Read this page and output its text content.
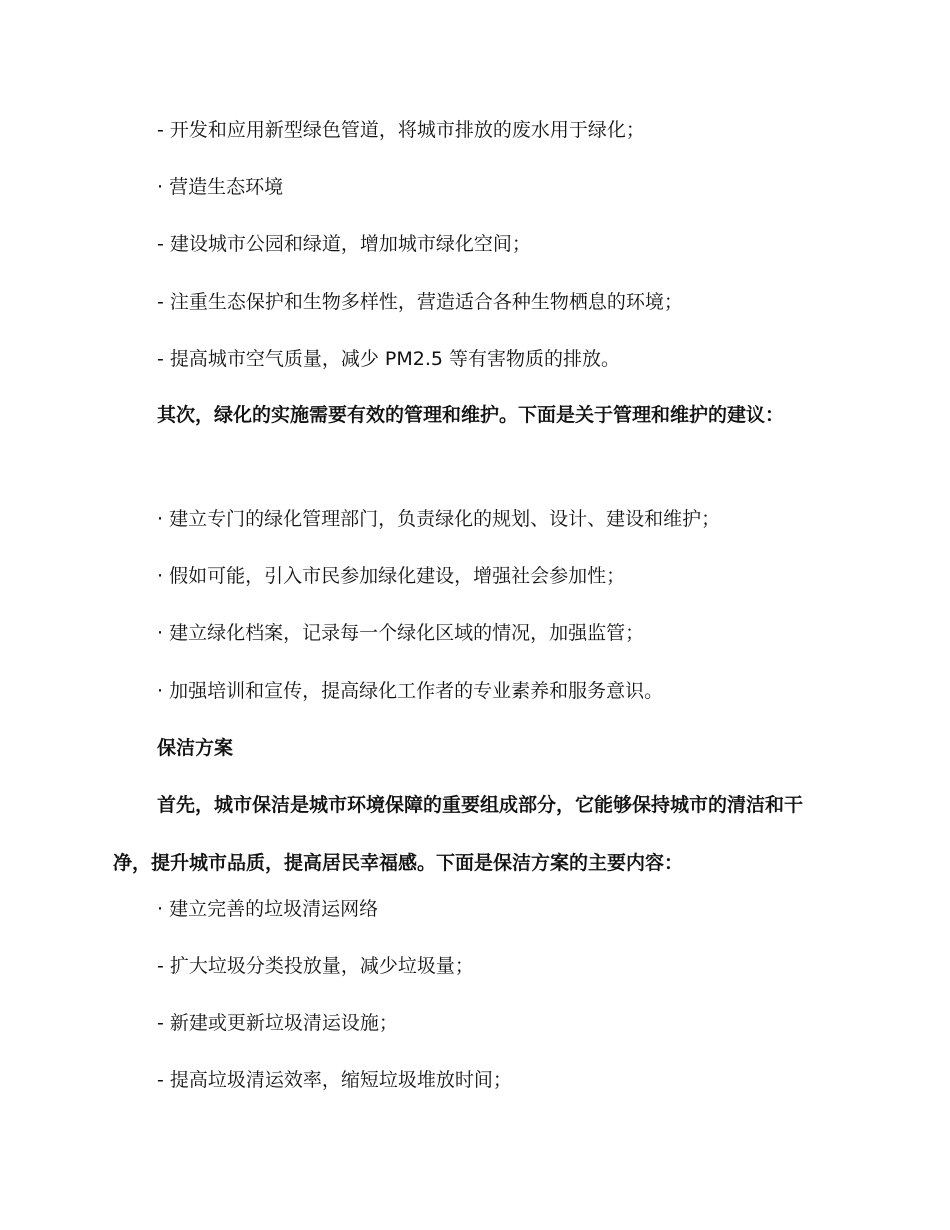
- 开发和应用新型绿色管道，将城市排放的废水用于绿化；
· 营造生态环境
- 建设城市公园和绿道，增加城市绿化空间；
- 注重生态保护和生物多样性，营造适合各种生物栖息的环境；
- 提高城市空气质量，减少 PM2.5 等有害物质的排放。

其次，绿化的实施需要有效的管理和维护。下面是关于管理和维护的建议：

· 建立专门的绿化管理部门，负责绿化的规划、设计、建设和维护；
· 假如可能，引入市民参加绿化建设，增强社会参加性；
· 建立绿化档案，记录每一个绿化区域的情况，加强监管；
· 加强培训和宣传，提高绿化工作者的专业素养和服务意识。
保洁方案

首先，城市保洁是城市环境保障的重要组成部分，它能够保持城市的清洁和干净，提升城市品质，提高居民幸福感。下面是保洁方案的主要内容：

· 建立完善的垃圾清运网络
- 扩大垃圾分类投放量，减少垃圾量；
- 新建或更新垃圾清运设施；
- 提高垃圾清运效率，缩短垃圾堆放时间；
